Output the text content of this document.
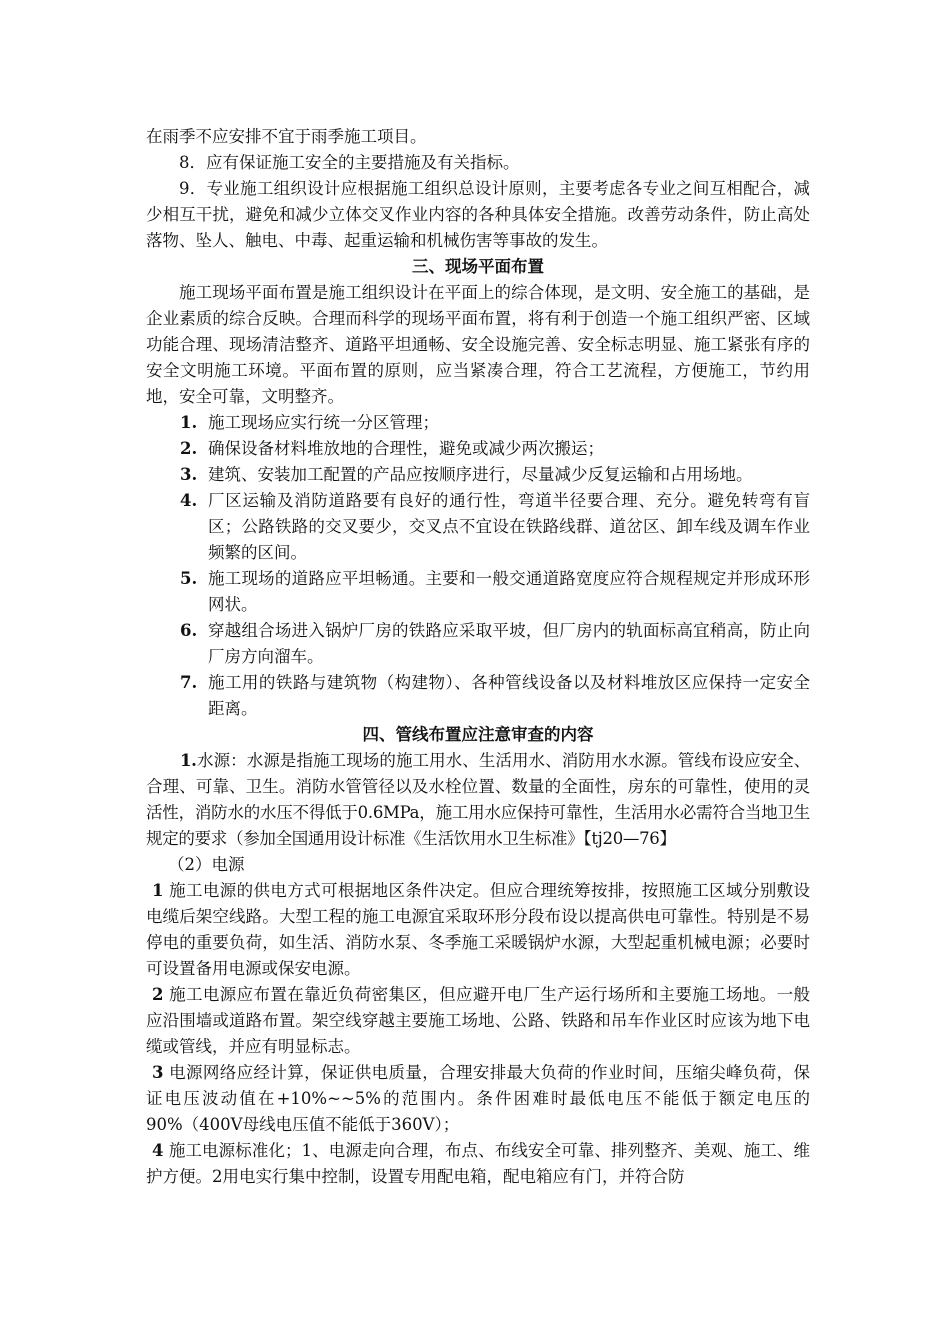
在雨季不应安排不宜于雨季施工项目。

8．应有保证施工安全的主要措施及有关指标。

9．专业施工组织设计应根据施工组织总设计原则，主要考虑各专业之间互相配合，减少相互干扰，避免和减少立体交叉作业内容的各种具体安全措施。改善劳动条件，防止高处落物、坠人、触电、中毒、起重运输和机械伤害等事故的发生。

三、现场平面布置

施工现场平面布置是施工组织设计在平面上的综合体现，是文明、安全施工的基础，是企业素质的综合反映。合理而科学的现场平面布置，将有利于创造一个施工组织严密、区域功能合理、现场清洁整齐、道路平坦通畅、安全设施完善、安全标志明显、施工紧张有序的安全文明施工环境。平面布置的原则，应当紧凑合理，符合工艺流程，方便施工，节约用地，安全可靠，文明整齐。

1. 施工现场应实行统一分区管理；
2. 确保设备材料堆放地的合理性，避免或减少两次搬运；
3. 建筑、安装加工配置的产品应按顺序进行，尽量减少反复运输和占用场地。
4. 厂区运输及消防道路要有良好的通行性，弯道半径要合理、充分。避免转弯有盲区；公路铁路的交叉要少，交叉点不宜设在铁路线群、道岔区、卸车线及调车作业频繁的区间。
5. 施工现场的道路应平坦畅通。主要和一般交通道路宽度应符合规程规定并形成环形网状。
6. 穿越组合场进入锅炉厂房的铁路应采取平坡，但厂房内的轨面标高宜稍高，防止向厂房方向溜车。
7. 施工用的铁路与建筑物（构建物）、各种管线设备以及材料堆放区应保持一定安全距离。

四、管线布置应注意审查的内容

1.水源：水源是指施工现场的施工用水、生活用水、消防用水水源。管线布设应安全、合理、可靠、卫生。消防水管管径以及水栓位置、数量的全面性，房东的可靠性，使用的灵活性，消防水的水压不得低于0.6MPa，施工用水应保持可靠性，生活用水必需符合当地卫生规定的要求（参加全国通用设计标准《生活饮用水卫生标准》【tj20—76】

（2）电源

1 施工电源的供电方式可根据地区条件决定。但应合理统筹按排，按照施工区域分别敷设电缆后架空线路。大型工程的施工电源宜采取环形分段布设以提高供电可靠性。特别是不易停电的重要负荷，如生活、消防水泵、冬季施工采暖锅炉水源，大型起重机械电源；必要时可设置备用电源或保安电源。

2 施工电源应布置在靠近负荷密集区，但应避开电厂生产运行场所和主要施工场地。一般应沿围墙或道路布置。架空线穿越主要施工场地、公路、铁路和吊车作业区时应该为地下电缆或管线，并应有明显标志。

3 电源网络应经计算，保证供电质量，合理安排最大负荷的作业时间，压缩尖峰负荷，保证电压波动值在+10%~~5%的范围内。条件困难时最低电压不能低于额定电压的90%（400V母线电压值不能低于360V）；

4 施工电源标准化；1、电源走向合理，布点、布线安全可靠、排列整齐、美观、施工、维护方便。2用电实行集中控制，设置专用配电箱，配电箱应有门，并符合防
